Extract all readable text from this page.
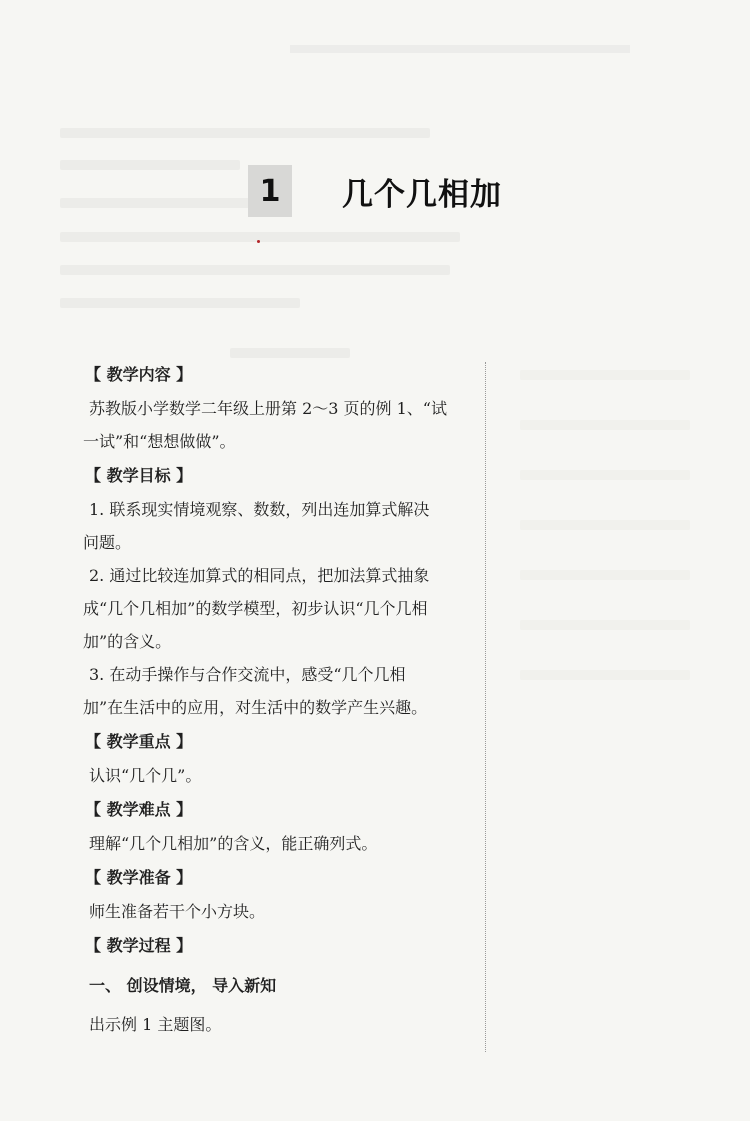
1	几个几相加
【 教学内容 】
苏教版小学数学二年级上册第 2～3 页的例 1、“试
一试”和“想想做做”。
【 教学目标 】
1. 联系现实情境观察、数数，列出连加算式解决
问题。
2. 通过比较连加算式的相同点，把加法算式抽象
成“几个几相加”的数学模型，初步认识“几个几相
加”的含义。
3. 在动手操作与合作交流中，感受“几个几相
加”在生活中的应用，对生活中的数学产生兴趣。
【 教学重点 】
认识“几个几”。
【 教学难点 】
理解“几个几相加”的含义，能正确列式。
【 教学准备 】
师生准备若干个小方块。
【 教学过程 】
一、 创设情境， 导入新知
出示例 1 主题图。
